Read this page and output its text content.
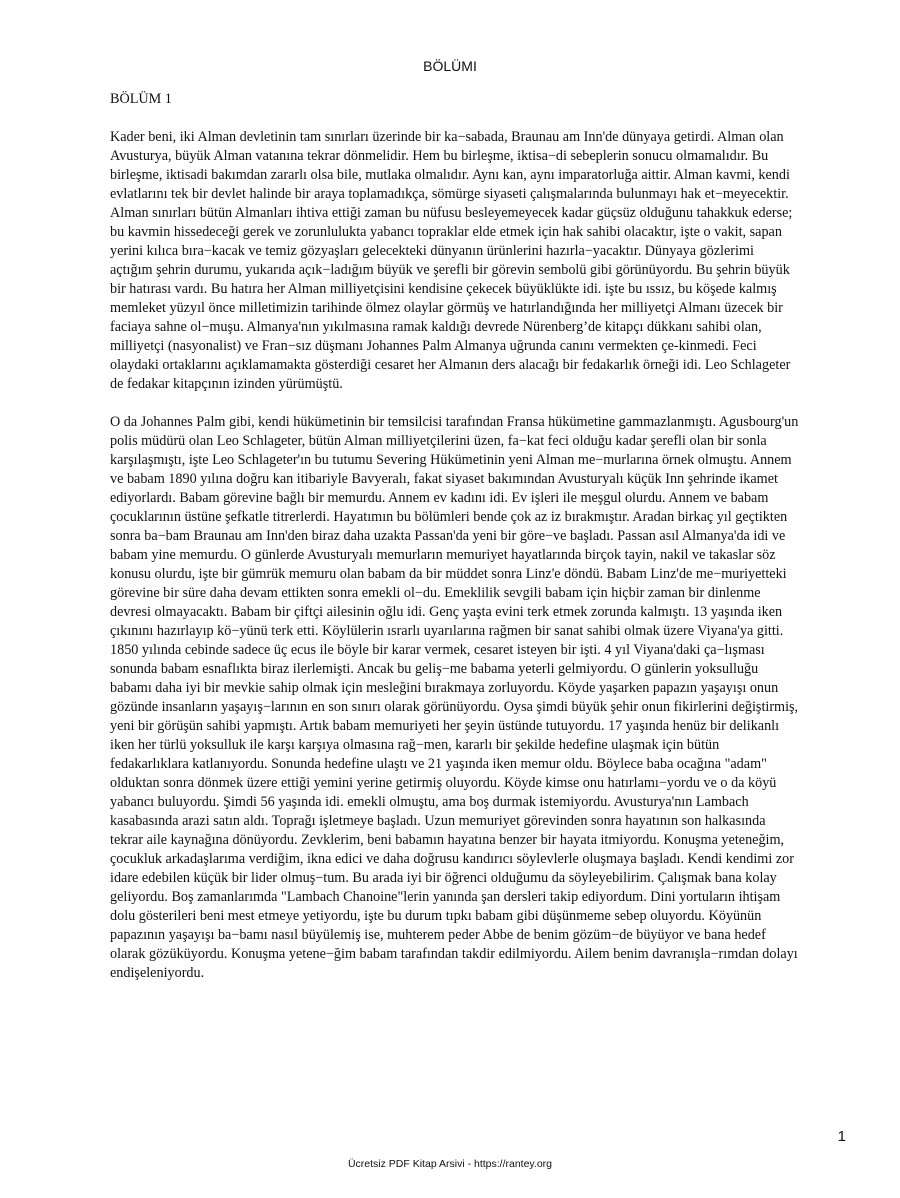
BÖLÜMI
BÖLÜM 1

Kader beni, iki Alman devletinin tam sınırları üzerinde bir ka−sabada, Braunau am Inn'de dünyaya getirdi. Alman olan Avusturya, büyük Alman vatanına tekrar dönmelidir. Hem bu birleşme, iktisa−di sebeplerin sonucu olmamalıdır. Bu birleşme, iktisadi bakımdan zararlı olsa bile, mutlaka olmalıdır. Aynı kan, aynı imparatorluğa aittir. Alman kavmi, kendi evlatlarını tek bir devlet halinde bir araya toplamadıkça, sömürge siyaseti çalışmalarında bulunmayı hak et−meyecektir. Alman sınırları bütün Almanları ihtiva ettiği zaman bu nüfusu besleyemeyecek kadar güçsüz olduğunu tahakkuk ederse; bu kavmin hissedeceği gerek ve zorunlulukta yabancı topraklar elde etmek için hak sahibi olacaktır, işte o vakit, sapan yerini kılıca bıra−kacak ve temiz gözyaşları gelecekteki dünyanın ürünlerini hazırla−yacaktır. Dünyaya gözlerimi açtığım şehrin durumu, yukarıda açık−ladığım büyük ve şerefli bir görevin sembolü gibi görünüyordu. Bu şehrin büyük bir hatırası vardı. Bu hatıra her Alman milliyetçisini kendisine çekecek büyüklükte idi. işte bu ıssız, bu köşede kalmış memleket yüzyıl önce milletimizin tarihinde ölmez olaylar görmüş ve hatırlandığında her milliyetçi Almanı üzecek bir faciaya sahne ol−muşu. Almanya'nın yıkılmasına ramak kaldığı devrede Nürenberg’de kitapçı dükkanı sahibi olan, milliyetçi (nasyonalist) ve Fran−sız düşmanı Johannes Palm Almanya uğrunda canını vermekten çe-kinmedi. Feci olaydaki ortaklarını açıklamamakta gösterdiği cesaret her Almanın ders alacağı bir fedakarlık örneği idi. Leo Schlageter de fedakar kitapçının izinden yürümüştü.

O da Johannes Palm gibi, kendi hükümetinin bir temsilcisi tarafından Fransa hükümetine gammazlanmıştı. Agusbourg'un polis müdürü olan Leo Schlageter, bütün Alman milliyetçilerini üzen, fa−kat feci olduğu kadar şerefli olan bir sonla karşılaşmıştı, işte Leo Schlageter'ın bu tutumu Severing Hükümetinin yeni Alman me−murlarına örnek olmuştu. Annem ve babam 1890 yılına doğru kan itibariyle Bavyeralı, fakat siyaset bakımından Avusturyalı küçük Inn şehrinde ikamet ediyorlardı. Babam görevine bağlı bir memurdu. Annem ev kadını idi. Ev işleri ile meşgul olurdu. Annem ve babam çocuklarının üstüne şefkatle titrerlerdi. Hayatımın bu bölümleri bende çok az iz bırakmıştır. Aradan birkaç yıl geçtikten sonra ba−bam Braunau am Inn'den biraz daha uzakta Passan'da yeni bir göre−ve başladı. Passan asıl Almanya'da idi ve babam yine memurdu. O günlerde Avusturyalı memurların memuriyet hayatlarında birçok tayin, nakil ve takaslar söz konusu olurdu, işte bir gümrük memuru olan babam da bir müddet sonra Linz'e döndü. Babam Linz'de me−muriyetteki görevine bir süre daha devam ettikten sonra emekli ol−du. Emeklilik sevgili babam için hiçbir zaman bir dinlenme devresi olmayacaktı. Babam bir çiftçi ailesinin oğlu idi. Genç yaşta evini terk etmek zorunda kalmıştı. 13 yaşında iken çıkınını hazırlayıp kö−yünü terk etti. Köylülerin ısrarlı uyarılarına rağmen bir sanat sahibi olmak üzere Viyana'ya gitti. 1850 yılında cebinde sadece üç ecus ile böyle bir karar vermek, cesaret isteyen bir işti. 4 yıl Viyana'daki ça−lışması sonunda babam esnaflıkta biraz ilerlemişti. Ancak bu geliş−me babama yeterli gelmiyordu. O günlerin yoksulluğu babamı daha iyi bir mevkie sahip olmak için mesleğini bırakmaya zorluyordu. Köyde yaşarken papazın yaşayışı onun gözünde insanların yaşayış−larının en son sınırı olarak görünüyordu. Oysa şimdi büyük şehir onun fikirlerini değiştirmiş, yeni bir görüşün sahibi yapmıştı. Artık babam memuriyeti her şeyin üstünde tutuyordu. 17 yaşında henüz bir delikanlı iken her türlü yoksulluk ile karşı karşıya olmasına rağ−men, kararlı bir şekilde hedefine ulaşmak için bütün fedakarlıklara katlanıyordu. Sonunda hedefine ulaştı ve 21 yaşında iken memur oldu. Böylece baba ocağına "adam" olduktan sonra dönmek üzere ettiği yemini yerine getirmiş oluyordu. Köyde kimse onu hatırlamı−yordu ve o da köyü yabancı buluyordu. Şimdi 56 yaşında idi. emekli olmuştu, ama boş durmak istemiyordu. Avusturya'nın Lambach kasabasında arazi satın aldı. Toprağı işletmeye başladı. Uzun memuriyet görevinden sonra hayatının son halkasında tekrar aile kaynağına dönüyordu. Zevklerim, beni babamın hayatına benzer bir hayata itmiyordu. Konuşma yeteneğim, çocukluk arkadaşlarıma verdiğim, ikna edici ve daha doğrusu kandırıcı söylevlerle oluşmaya başladı. Kendi kendimi zor idare edebilen küçük bir lider olmuş−tum. Bu arada iyi bir öğrenci olduğumu da söyleyebilirim. Çalışmak bana kolay geliyordu. Boş zamanlarımda "Lambach Chanoine"lerin yanında şan dersleri takip ediyordum. Dini yortuların ihtişam dolu gösterileri beni mest etmeye yetiyordu, işte bu durum tıpkı babam gibi düşünmeme sebep oluyordu. Köyünün papazının yaşayışı ba−bamı nasıl büyülemiş ise, muhterem peder Abbe de benim gözüm−de büyüyor ve bana hedef olarak gözüküyordu. Konuşma yetene−ğim babam tarafından takdir edilmiyordu. Ailem benim davranışla−rımdan dolayı endişeleniyordu.

1
Ücretsiz PDF Kitap Arsivi - https://rantey.org
